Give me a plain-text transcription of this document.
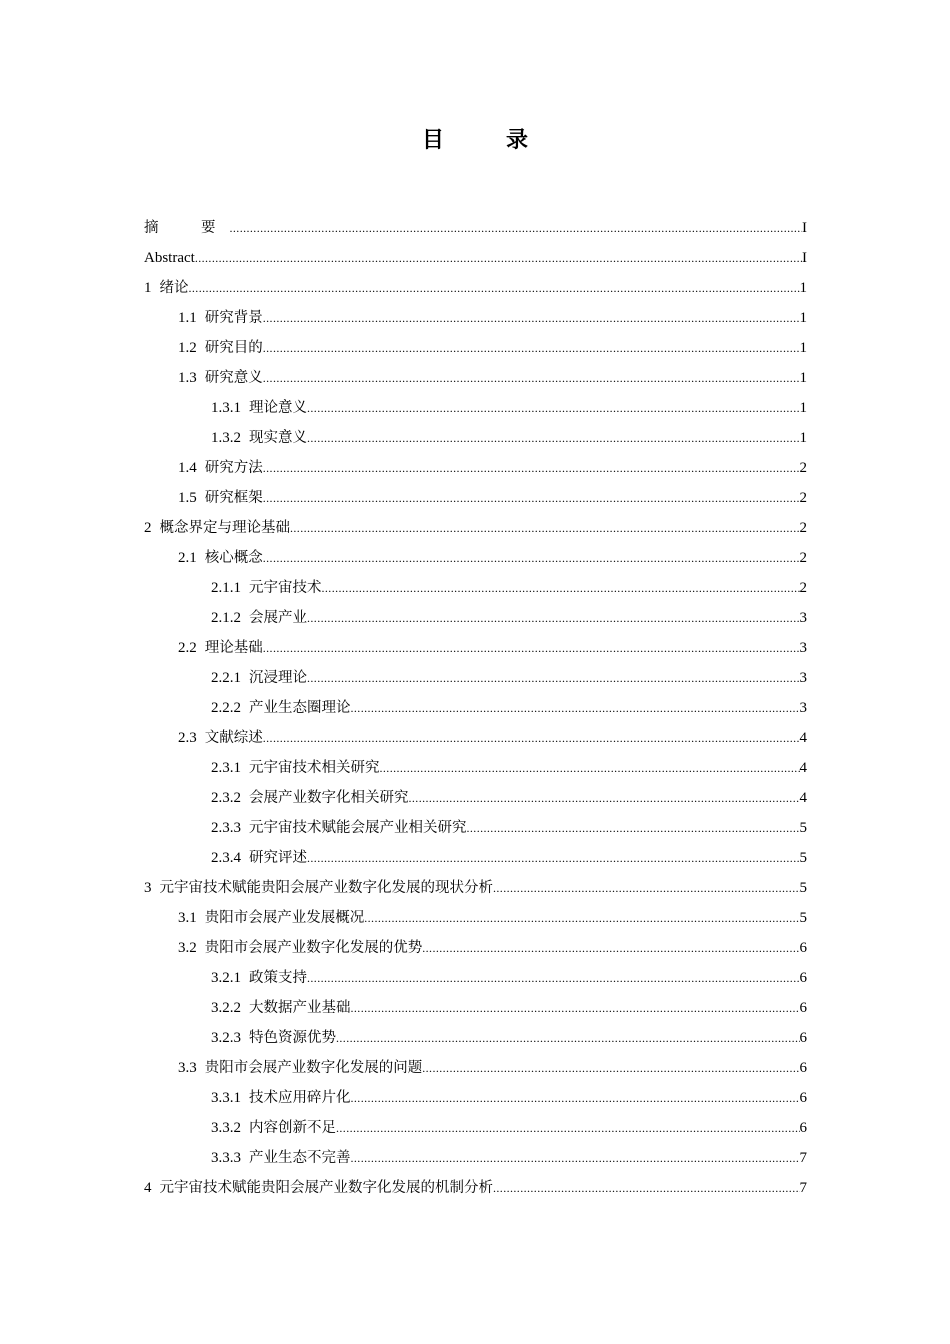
目　录
摘　要 .....	I
Abstract .....	I
1 绪论 .....	1
1.1 研究背景 .....	1
1.2 研究目的 .....	1
1.3 研究意义 .....	1
1.3.1 理论意义 .....	1
1.3.2 现实意义 .....	1
1.4 研究方法 .....	2
1.5 研究框架 .....	2
2 概念界定与理论基础 .....	2
2.1 核心概念 .....	2
2.1.1 元宇宙技术 .....	2
2.1.2 会展产业 .....	3
2.2 理论基础 .....	3
2.2.1 沉浸理论 .....	3
2.2.2 产业生态圈理论 .....	3
2.3 文献综述 .....	4
2.3.1 元宇宙技术相关研究 .....	4
2.3.2 会展产业数字化相关研究 .....	4
2.3.3 元宇宙技术赋能会展产业相关研究 .....	5
2.3.4 研究评述 .....	5
3 元宇宙技术赋能贵阳会展产业数字化发展的现状分析 .....	5
3.1 贵阳市会展产业发展概况 .....	5
3.2 贵阳市会展产业数字化发展的优势 .....	6
3.2.1 政策支持 .....	6
3.2.2 大数据产业基础 .....	6
3.2.3 特色资源优势 .....	6
3.3 贵阳市会展产业数字化发展的问题 .....	6
3.3.1 技术应用碎片化 .....	6
3.3.2 内容创新不足 .....	6
3.3.3 产业生态不完善 .....	7
4 元宇宙技术赋能贵阳会展产业数字化发展的机制分析 .....	7
